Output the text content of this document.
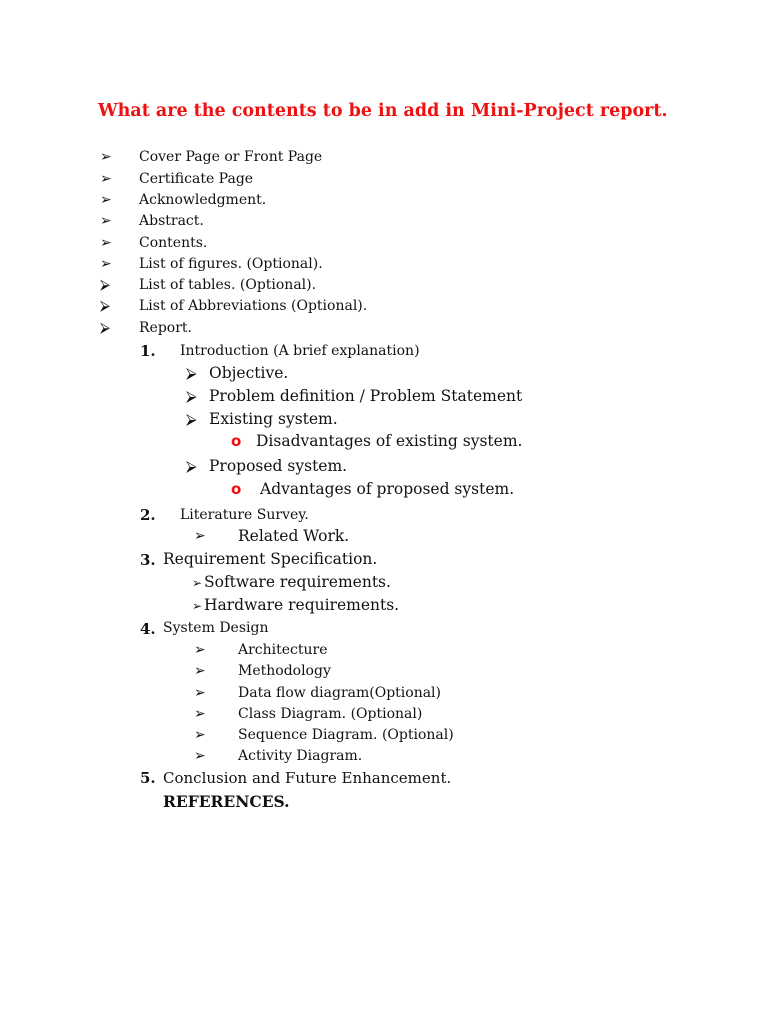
What are the contents to be in add in Mini-Project report.
➢ Cover Page or Front Page
➢ Certificate Page
➢ Acknowledgment.
➢ Abstract.
➢ Contents.
➢ List of figures. (Optional).
⮚ List of tables. (Optional).
⮚ List of Abbreviations (Optional).
⮚ Report.
1. Introduction (A brief explanation)
⮚ Objective.
⮚ Problem definition / Problem Statement
⮚ Existing system.
o Disadvantages of existing system.
⮚ Proposed system.
o Advantages of proposed system.
2. Literature Survey.
➢ Related Work.
3. Requirement Specification.
➢ Software requirements.
➢ Hardware requirements.
4. System Design
➢ Architecture
➢ Methodology
➢ Data flow diagram(Optional)
➢ Class Diagram. (Optional)
➢ Sequence Diagram. (Optional)
➢ Activity Diagram.
5. Conclusion and Future Enhancement.
REFERENCES.
